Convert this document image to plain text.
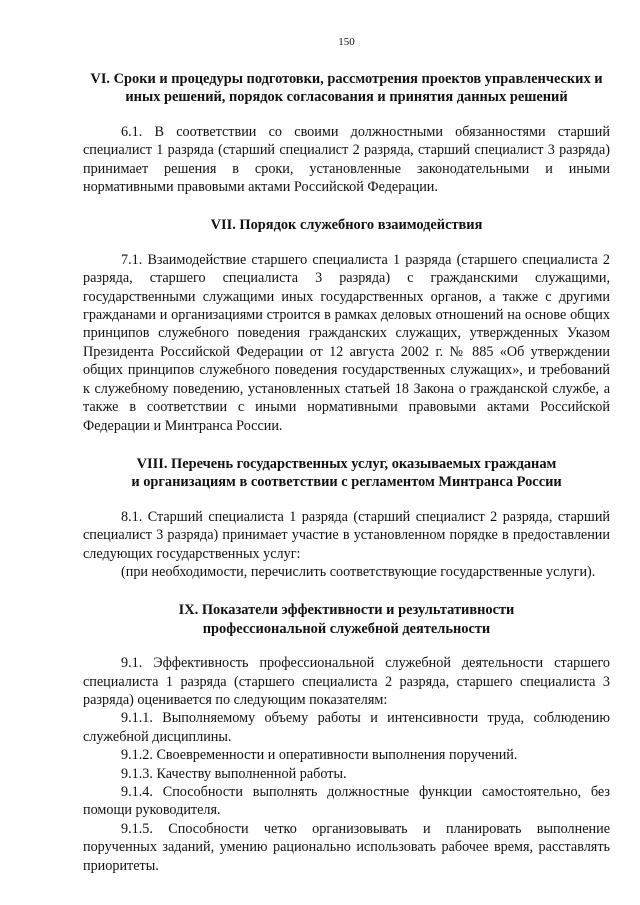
150
VI. Сроки и процедуры подготовки, рассмотрения проектов управленческих и
иных решений, порядок согласования и принятия данных решений

6.1. В соответствии со своими должностными обязанностями старший специалист 1 разряда (старший специалист 2 разряда, старший специалист 3 разряда) принимает решения в сроки, установленные законодательными и иными нормативными правовыми актами Российской Федерации.

VII. Порядок служебного взаимодействия

7.1. Взаимодействие старшего специалиста 1 разряда (старшего специалиста 2 разряда, старшего специалиста 3 разряда) с гражданскими служащими, государственными служащими иных государственных органов, а также с другими гражданами и организациями строится в рамках деловых отношений на основе общих принципов служебного поведения гражданских служащих, утвержденных Указом Президента Российской Федерации от 12 августа 2002 г. № 885 «Об утверждении общих принципов служебного поведения государственных служащих», и требований к служебному поведению, установленных статьей 18 Закона о гражданской службе, а также в соответствии с иными нормативными правовыми актами Российской Федерации и Минтранса России.

VIII. Перечень государственных услуг, оказываемых гражданам
и организациям в соответствии с регламентом Минтранса России

8.1. Старший специалиста 1 разряда (старший специалист 2 разряда, старший специалист 3 разряда) принимает участие в установленном порядке в предоставлении следующих государственных услуг:

(при необходимости, перечислить соответствующие государственные услуги).

IX. Показатели эффективности и результативности
профессиональной служебной деятельности

9.1. Эффективность профессиональной служебной деятельности старшего специалиста 1 разряда (старшего специалиста 2 разряда, старшего специалиста 3 разряда) оценивается по следующим показателям:

9.1.1. Выполняемому объему работы и интенсивности труда, соблюдению служебной дисциплины.

9.1.2. Своевременности и оперативности выполнения поручений.

9.1.3. Качеству выполненной работы.

9.1.4. Способности выполнять должностные функции самостоятельно, без помощи руководителя.

9.1.5. Способности четко организовывать и планировать выполнение порученных заданий, умению рационально использовать рабочее время, расставлять приоритеты.
